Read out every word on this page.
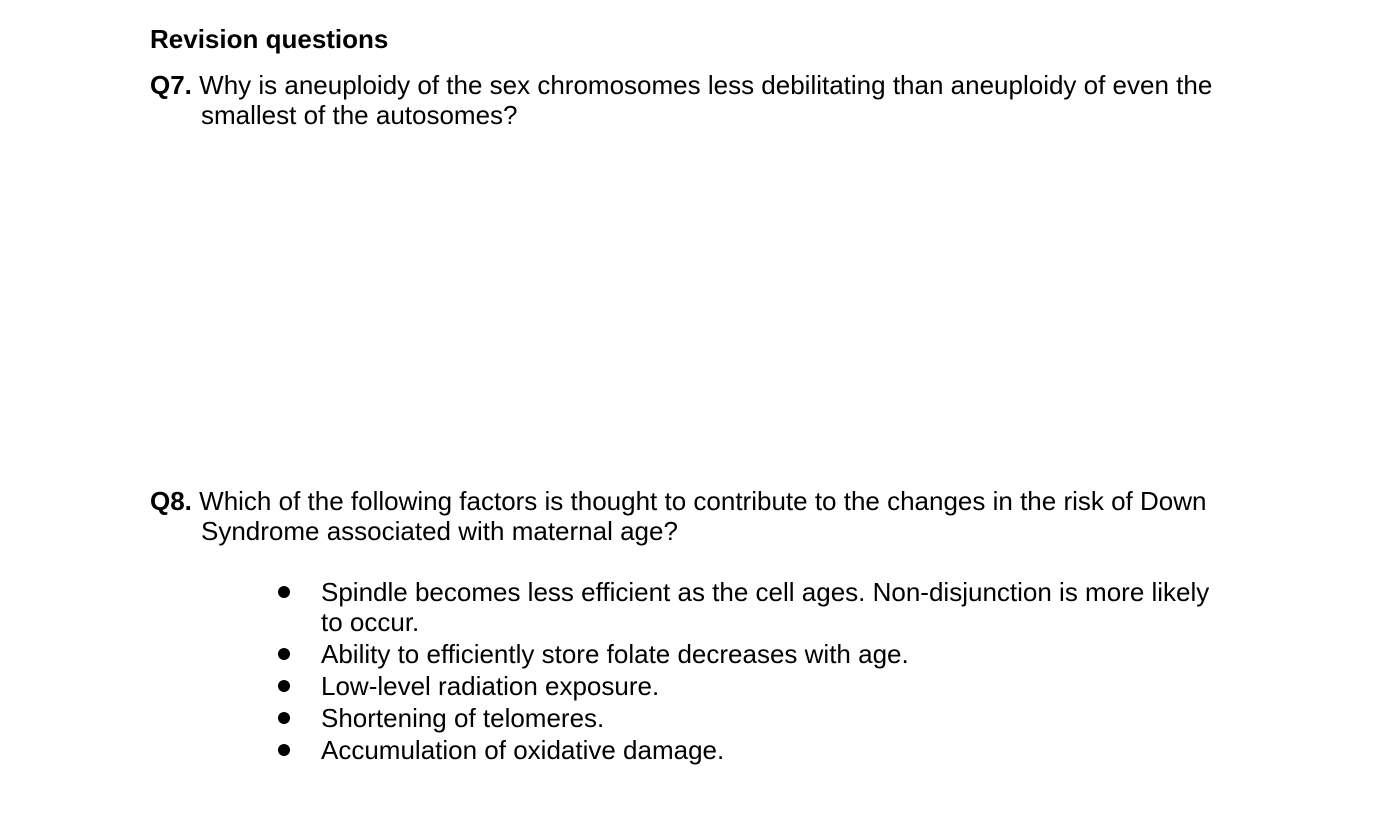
Revision questions
Q7. Why is aneuploidy of the sex chromosomes less debilitating than aneuploidy of even the smallest of the autosomes?
Q8. Which of the following factors is thought to contribute to the changes in the risk of Down Syndrome associated with maternal age?
Spindle becomes less efficient as the cell ages. Non-disjunction is more likely to occur.
Ability to efficiently store folate decreases with age.
Low-level radiation exposure.
Shortening of telomeres.
Accumulation of oxidative damage.
